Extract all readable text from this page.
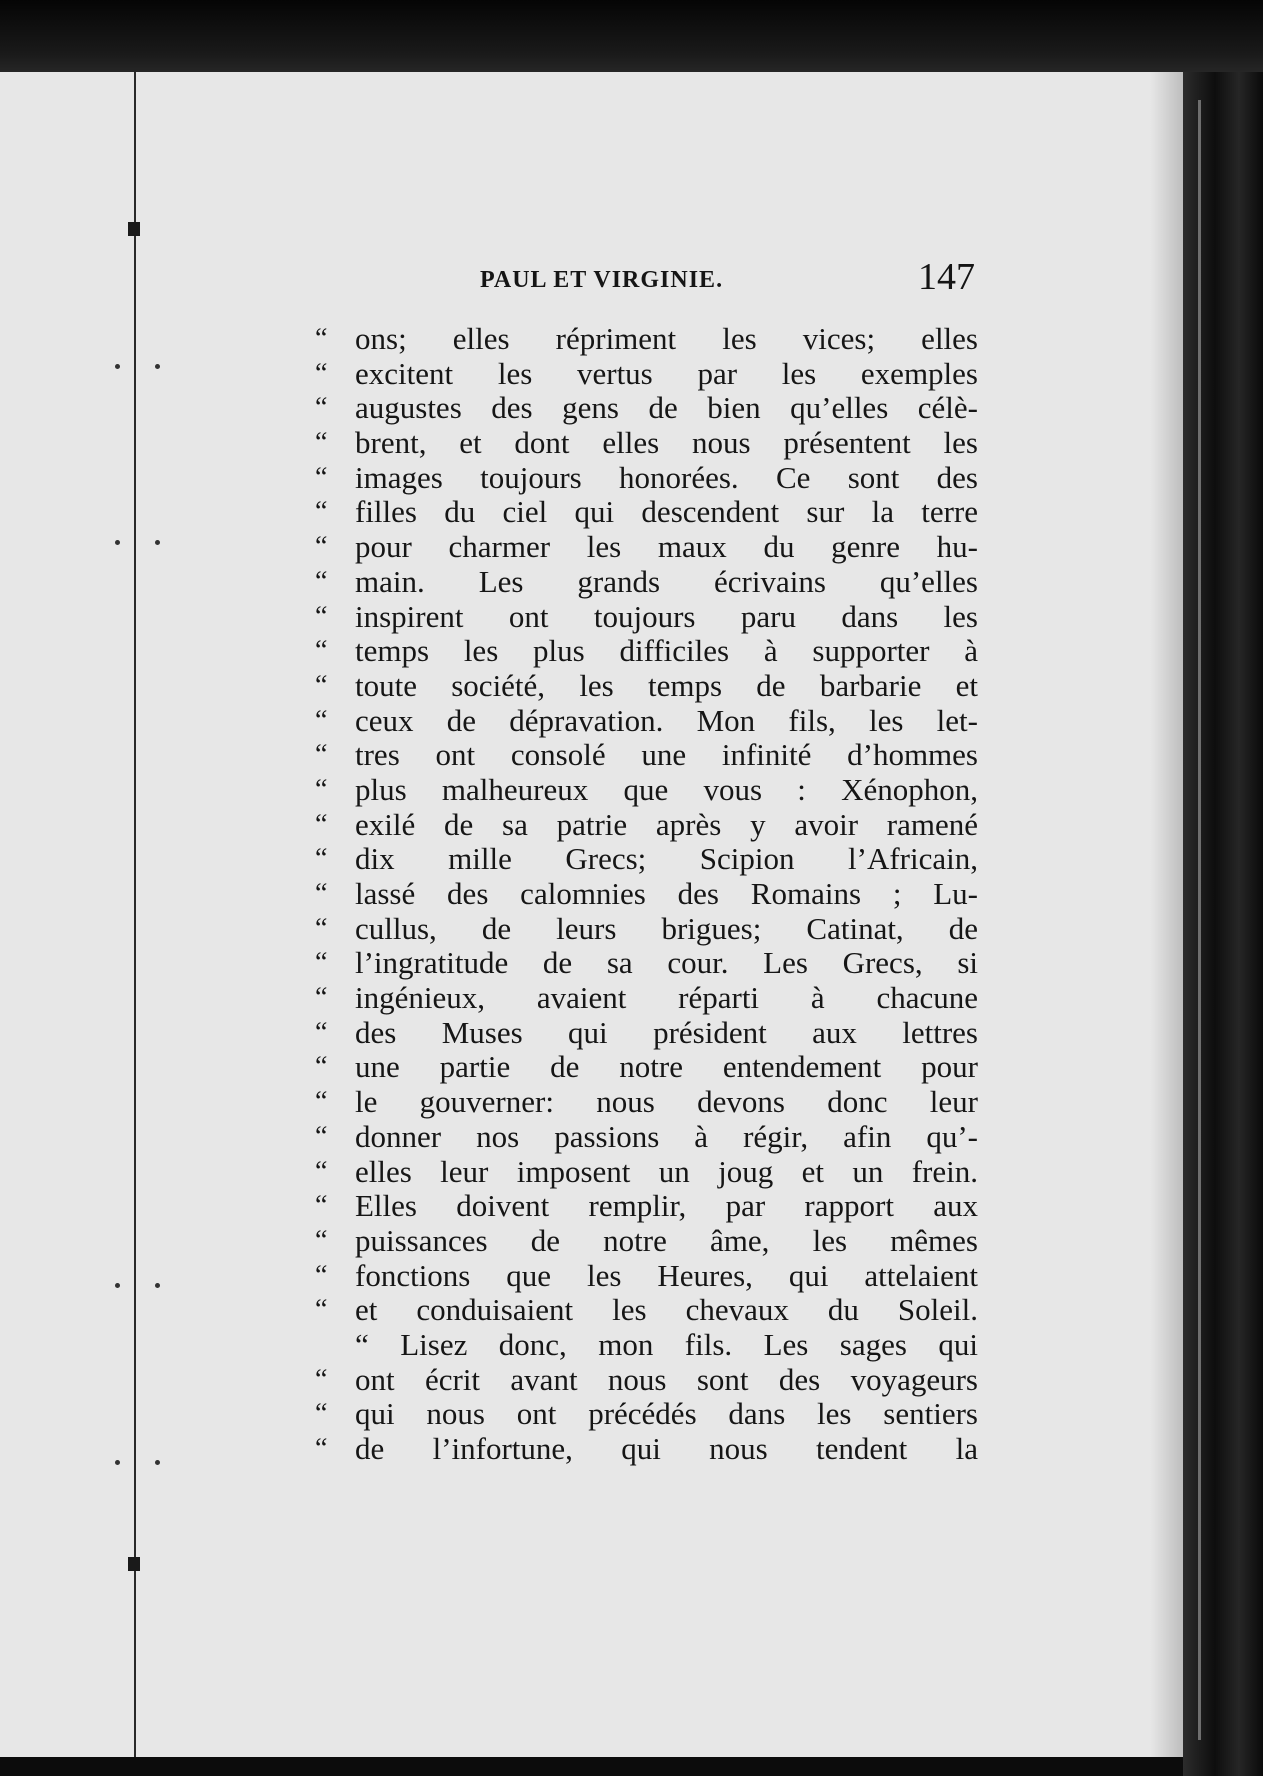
PAUL ET VIRGINIE.	147
“ ons; elles répriment les vices; elles
“ excitent les vertus par les exemples
“ augustes des gens de bien qu’elles célè-
“ brent, et dont elles nous présentent les
“ images toujours honorées. Ce sont des
“ filles du ciel qui descendent sur la terre
“ pour charmer les maux du genre hu-
“ main. Les grands écrivains qu’elles
“ inspirent ont toujours paru dans les
“ temps les plus difficiles à supporter à
“ toute société, les temps de barbarie et
“ ceux de dépravation. Mon fils, les let-
“ tres ont consolé une infinité d’hommes
“ plus malheureux que vous : Xénophon,
“ exilé de sa patrie après y avoir ramené
“ dix mille Grecs; Scipion l’Africain,
“ lassé des calomnies des Romains ; Lu-
“ cullus, de leurs brigues; Catinat, de
“ l’ingratitude de sa cour. Les Grecs, si
“ ingénieux, avaient réparti à chacune
“ des Muses qui président aux lettres
“ une partie de notre entendement pour
“ le gouverner: nous devons donc leur
“ donner nos passions à régir, afin qu’-
“ elles leur imposent un joug et un frein.
“ Elles doivent remplir, par rapport aux
“ puissances de notre âme, les mêmes
“ fonctions que les Heures, qui attelaient
“ et conduisaient les chevaux du Soleil.
“ Lisez donc, mon fils. Les sages qui
“ ont écrit avant nous sont des voyageurs
“ qui nous ont précédés dans les sentiers
“ de l’infortune, qui nous tendent la
